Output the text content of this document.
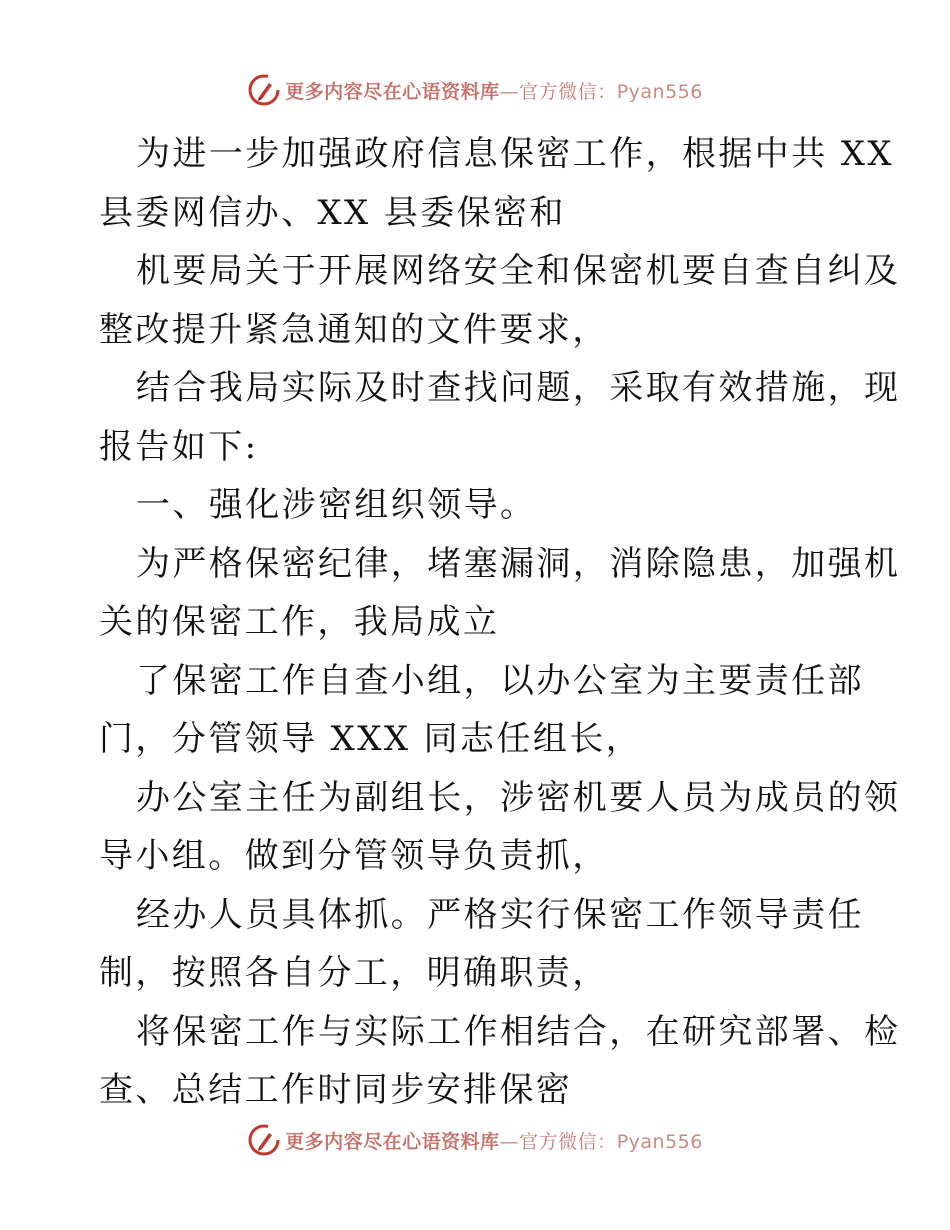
更多内容尽在心语资料库—官方微信：Pyan556
为进一步加强政府信息保密工作，根据中共 XX
县委网信办、XX 县委保密和
机要局关于开展网络安全和保密机要自查自纠及
整改提升紧急通知的文件要求，
结合我局实际及时查找问题，采取有效措施，现
报告如下:
一、强化涉密组织领导。
为严格保密纪律，堵塞漏洞，消除隐患，加强机
关的保密工作，我局成立
了保密工作自查小组，以办公室为主要责任部
门，分管领导 XXX 同志任组长，
办公室主任为副组长，涉密机要人员为成员的领
导小组。做到分管领导负责抓，
经办人员具体抓。严格实行保密工作领导责任
制，按照各自分工，明确职责，
将保密工作与实际工作相结合，在研究部署、检
查、总结工作时同步安排保密
更多内容尽在心语资料库—官方微信：Pyan556
